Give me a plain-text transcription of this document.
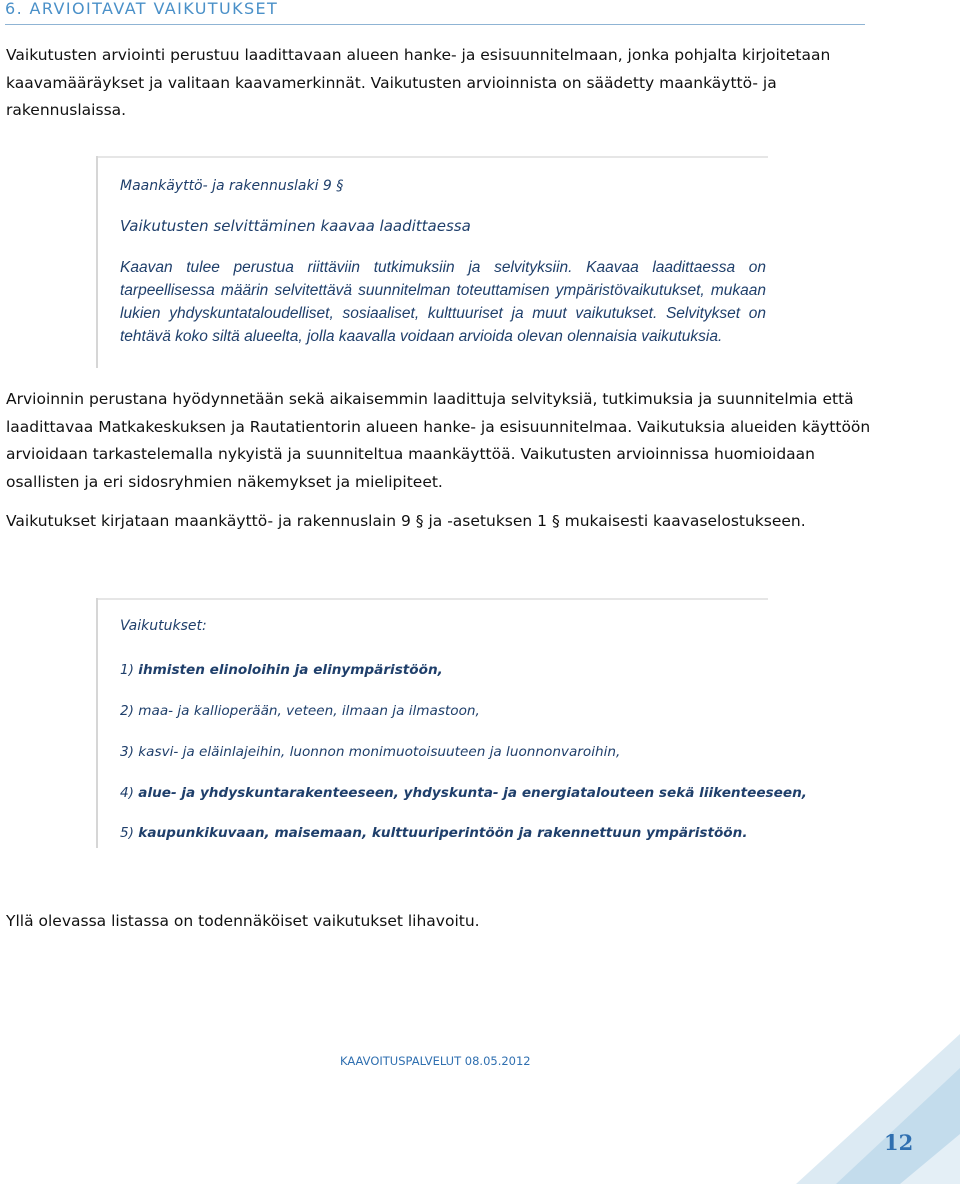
6. ARVIOITAVAT VAIKUTUKSET

Vaikutusten arviointi perustuu laadittavaan alueen hanke- ja esisuunnitelmaan, jonka pohjalta kirjoitetaan kaavamääräykset ja valitaan kaavamerkinnät. Vaikutusten arvioinnista on säädetty maankäyttö- ja rakennuslaissa.

Maankäyttö- ja rakennuslaki 9 §
Vaikutusten selvittäminen kaavaa laadittaessa
Kaavan tulee perustua riittäviin tutkimuksiin ja selvityksiin. Kaavaa laadittaessa on tarpeellisessa määrin selvitettävä suunnitelman toteuttamisen ympäristövaikutukset, mukaan lukien yhdyskuntataloudelliset, sosiaaliset, kulttuuriset ja muut vaikutukset. Selvitykset on tehtävä koko siltä alueelta, jolla kaavalla voidaan arvioida olevan olennaisia vaikutuksia.

Arvioinnin perustana hyödynnetään sekä aikaisemmin laadittuja selvityksiä, tutkimuksia ja suunnitelmia että laadittavaa Matkakeskuksen ja Rautatientorin alueen hanke- ja esisuunnitelmaa. Vaikutuksia alueiden käyttöön arvioidaan tarkastelemalla nykyistä ja suunniteltua maankäyttöä. Vaikutusten arvioinnissa huomioidaan osallisten ja eri sidosryhmien näkemykset ja mielipiteet.

Vaikutukset kirjataan maankäyttö- ja rakennuslain 9 § ja -asetuksen 1 § mukaisesti kaavaselostukseen.

Vaikutukset:
1) ihmisten elinoloihin ja elinympäristöön,
2) maa- ja kallioperään, veteen, ilmaan ja ilmastoon,
3) kasvi- ja eläinlajeihin, luonnon monimuotoisuuteen ja luonnonvaroihin,
4) alue- ja yhdyskuntarakenteeseen, yhdyskunta- ja energiatalouteen sekä liikenteeseen,
5) kaupunkikuvaan, maisemaan, kulttuuriperintöön ja rakennettuun ympäristöön.

Yllä olevassa listassa on todennäköiset vaikutukset lihavoitu.

KAAVOITUSPALVELUT 08.05.2012
12
